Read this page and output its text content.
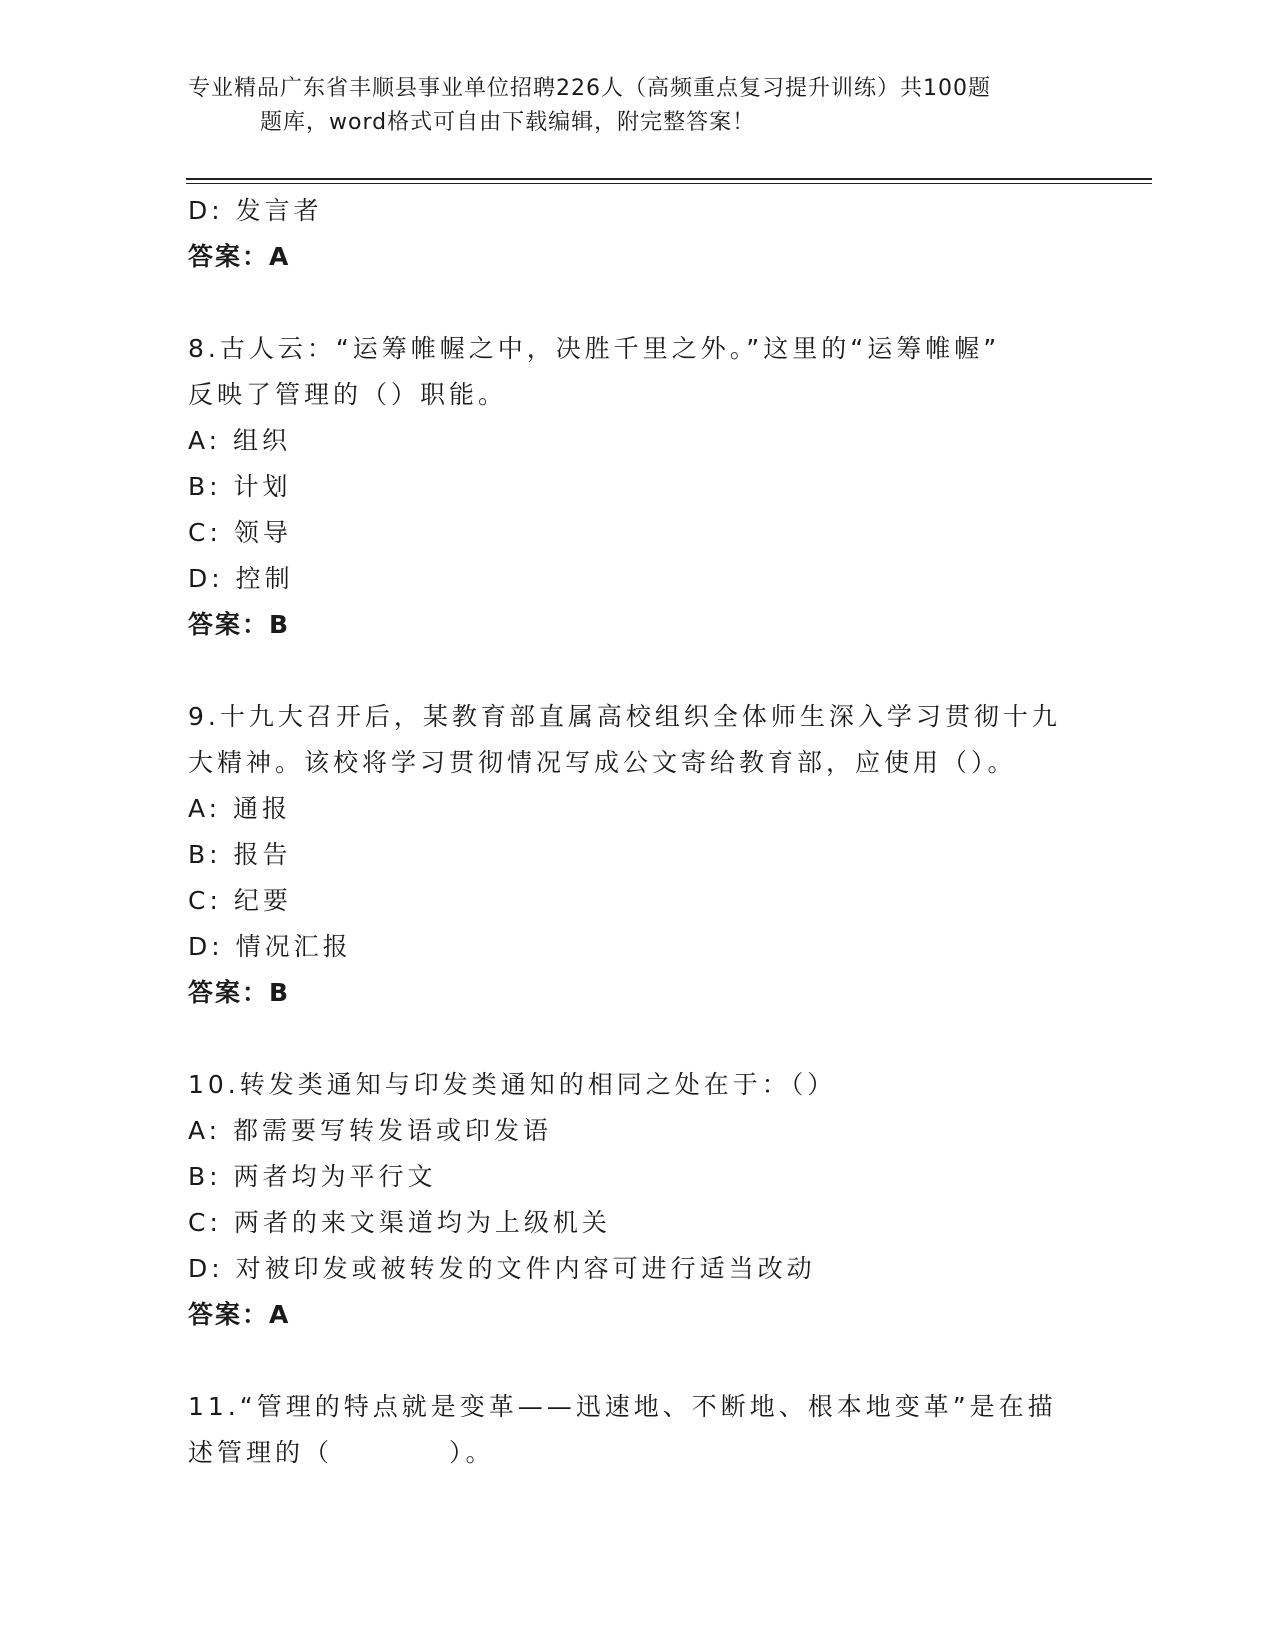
专业精品广东省丰顺县事业单位招聘226人（高频重点复习提升训练）共100题
题库，word格式可自由下载编辑，附完整答案！
D: 发言者
答案：A
8.古人云：“运筹帷幄之中，决胜千里之外。”这里的“运筹帷幄”
反映了管理的（）职能。
A: 组织
B: 计划
C: 领导
D: 控制
答案：B
9.十九大召开后，某教育部直属高校组织全体师生深入学习贯彻十九
大精神。该校将学习贯彻情况写成公文寄给教育部，应使用（）。
A: 通报
B: 报告
C: 纪要
D: 情况汇报
答案：B
10.转发类通知与印发类通知的相同之处在于：（）
A: 都需要写转发语或印发语
B: 两者均为平行文
C: 两者的来文渠道均为上级机关
D: 对被印发或被转发的文件内容可进行适当改动
答案：A
11.“管理的特点就是变革——迅速地、不断地、根本地变革”是在描
述管理的（　　　　）。
